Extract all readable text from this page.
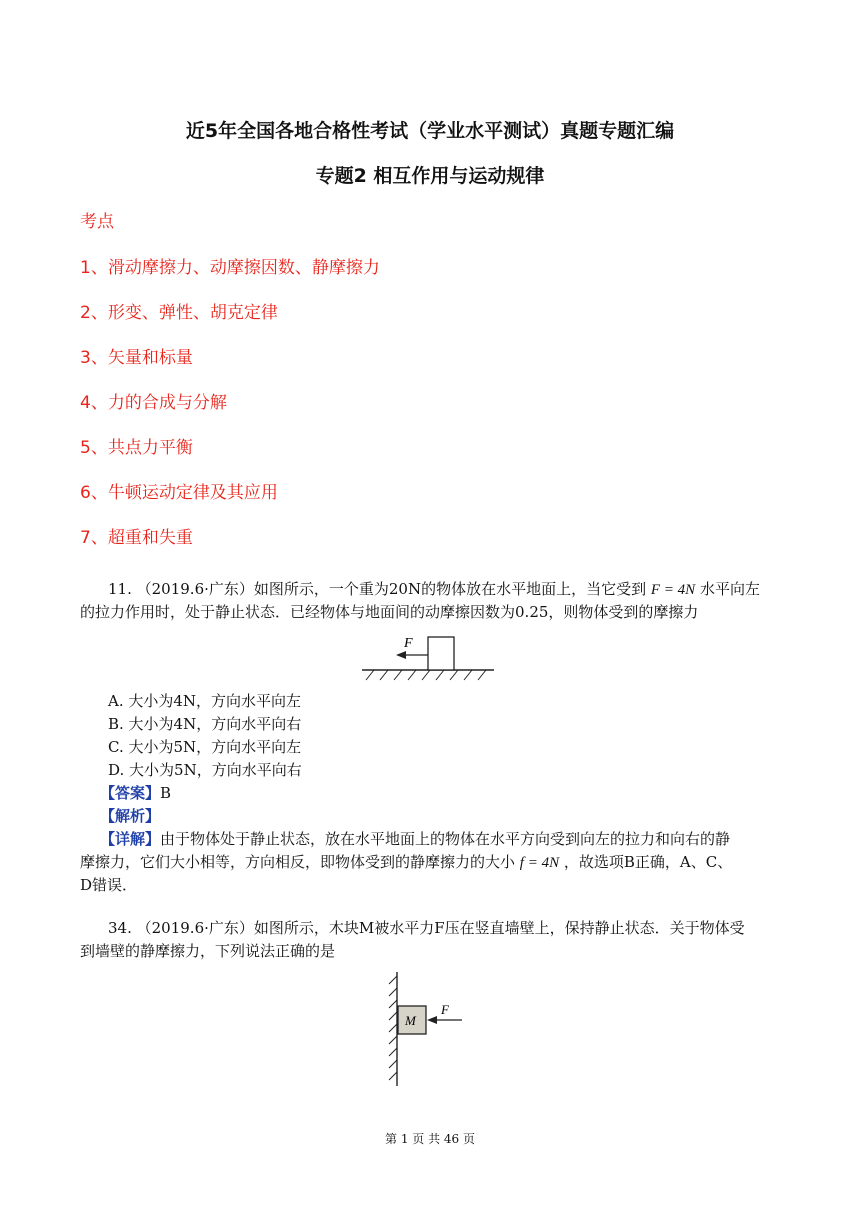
近5年全国各地合格性考试（学业水平测试）真题专题汇编
专题2 相互作用与运动规律
考点
1、滑动摩擦力、动摩擦因数、静摩擦力
2、形变、弹性、胡克定律
3、矢量和标量
4、力的合成与分解
5、共点力平衡
6、牛顿运动定律及其应用
7、超重和失重
11. （2019.6·广东）如图所示，一个重为20N的物体放在水平地面上，当它受到 F = 4N 水平向左
的拉力作用时，处于静止状态．已经物体与地面间的动摩擦因数为0.25，则物体受到的摩擦力
F
A. 大小为4N，方向水平向左
B. 大小为4N，方向水平向右
C. 大小为5N，方向水平向左
D. 大小为5N，方向水平向右
【答案】B
【解析】
【详解】由于物体处于静止状态，放在水平地面上的物体在水平方向受到向左的拉力和向右的静
摩擦力，它们大小相等，方向相反，即物体受到的静摩擦力的大小 f = 4N ，故选项B正确，A、C、
D错误．
34. （2019.6·广东）如图所示，木块M被水平力F压在竖直墙壁上，保持静止状态．关于物体受
到墙壁的静摩擦力，下列说法正确的是
M
F
第 1 页 共 46 页
